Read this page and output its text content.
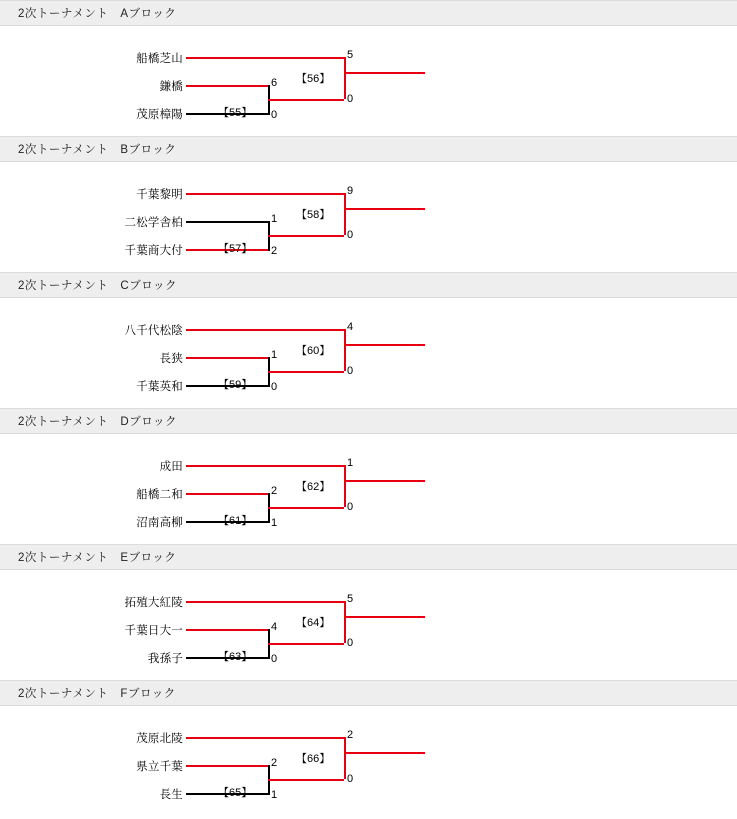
2次トーナメント　Aブロック
船橋芝山
鎌橋
茂原樟陽
5
0
6
0
【55】
【56】
2次トーナメント　Bブロック
千葉黎明
二松学舎柏
千葉商大付
9
0
1
2
【57】
【58】
2次トーナメント　Cブロック
八千代松陰
長狭
千葉英和
4
0
1
0
【59】
【60】
2次トーナメント　Dブロック
成田
船橋二和
沼南高柳
1
0
2
1
【61】
【62】
2次トーナメント　Eブロック
拓殖大紅陵
千葉日大一
我孫子
5
0
4
0
【63】
【64】
2次トーナメント　Fブロック
茂原北陵
県立千葉
長生
2
0
2
1
【65】
【66】
